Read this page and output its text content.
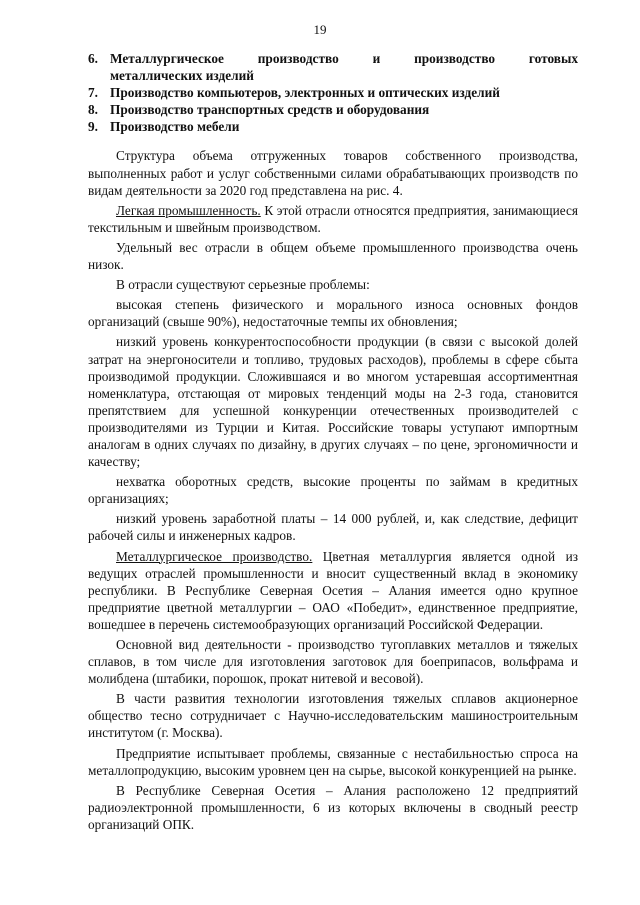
19
6. Металлургическое производство и производство готовых
металлических изделий
7. Производство компьютеров, электронных и оптических изделий
8. Производство транспортных средств и оборудования
9. Производство мебели

Структура объема отгруженных товаров собственного производства, выполненных работ и услуг собственными силами обрабатывающих производств по видам деятельности за 2020 год представлена на рис. 4.

Легкая промышленность. К этой отрасли относятся предприятия, занимающиеся текстильным и швейным производством.

Удельный вес отрасли в общем объеме промышленного производства очень низок.

В отрасли существуют серьезные проблемы:

высокая степень физического и морального износа основных фондов организаций (свыше 90%), недостаточные темпы их обновления;

низкий уровень конкурентоспособности продукции (в связи с высокой долей затрат на энергоносители и топливо, трудовых расходов), проблемы в сфере сбыта производимой продукции. Сложившаяся и во многом устаревшая ассортиментная номенклатура, отстающая от мировых тенденций моды на 2-3 года, становится препятствием для успешной конкуренции отечественных производителей с производителями из Турции и Китая. Российские товары уступают импортным аналогам в одних случаях по дизайну, в других случаях – по цене, эргономичности и качеству;

нехватка оборотных средств, высокие проценты по займам в кредитных организациях;

низкий уровень заработной платы – 14 000 рублей, и, как следствие, дефицит рабочей силы и инженерных кадров.

Металлургическое производство. Цветная металлургия является одной из ведущих отраслей промышленности и вносит существенный вклад в экономику республики. В Республике Северная Осетия – Алания имеется одно крупное предприятие цветной металлургии – ОАО «Победит», единственное предприятие, вошедшее в перечень системообразующих организаций Российской Федерации.

Основной вид деятельности - производство тугоплавких металлов и тяжелых сплавов, в том числе для изготовления заготовок для боеприпасов, вольфрама и молибдена (штабики, порошок, прокат нитевой и весовой).

В части развития технологии изготовления тяжелых сплавов акционерное общество тесно сотрудничает с Научно-исследовательским машиностроительным институтом (г. Москва).

Предприятие испытывает проблемы, связанные с нестабильностью спроса на металлопродукцию, высоким уровнем цен на сырье, высокой конкуренцией на рынке.

В Республике Северная Осетия – Алания расположено 12 предприятий радиоэлектронной промышленности, 6 из которых включены в сводный реестр организаций ОПК.
